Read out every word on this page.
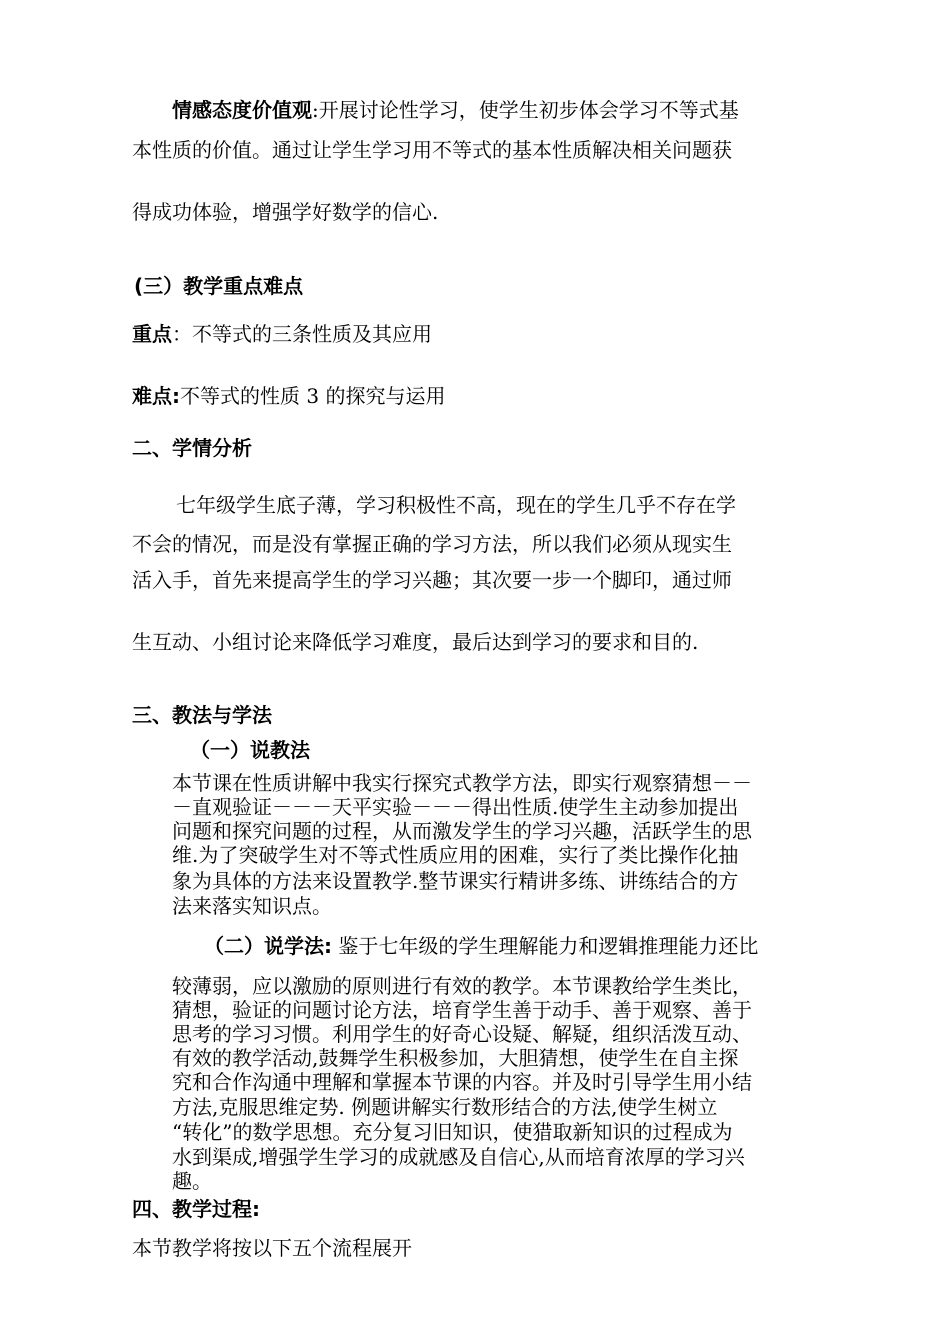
情感态度价值观:开展讨论性学习，使学生初步体会学习不等式基
本性质的价值。通过让学生学习用不等式的基本性质解决相关问题获
得成功体验，增强学好数学的信心.
(三）教学重点难点
重点：不等式的三条性质及其应用
难点:不等式的性质 3 的探究与运用
二、学情分析
七年级学生底子薄，学习积极性不高，现在的学生几乎不存在学
不会的情况，而是没有掌握正确的学习方法，所以我们必须从现实生
活入手，首先来提高学生的学习兴趣；其次要一步一个脚印，通过师
生互动、小组讨论来降低学习难度，最后达到学习的要求和目的.
三、教法与学法
（一）说教法
本节课在性质讲解中我实行探究式教学方法，即实行观察猜想－－
－直观验证－－－天平实验－－－得出性质.使学生主动参加提出
问题和探究问题的过程，从而激发学生的学习兴趣，活跃学生的思
维.为了突破学生对不等式性质应用的困难，实行了类比操作化抽
象为具体的方法来设置教学.整节课实行精讲多练、讲练结合的方
法来落实知识点。
（二）说学法: 鉴于七年级的学生理解能力和逻辑推理能力还比
较薄弱，应以激励的原则进行有效的教学。本节课教给学生类比，
猜想，验证的问题讨论方法，培育学生善于动手、善于观察、善于
思考的学习习惯。利用学生的好奇心设疑、解疑，组织活泼互动、
有效的教学活动,鼓舞学生积极参加，大胆猜想，使学生在自主探
究和合作沟通中理解和掌握本节课的内容。并及时引导学生用小结
方法,克服思维定势. 例题讲解实行数形结合的方法,使学生树立
“转化”的数学思想。充分复习旧知识，使猎取新知识的过程成为
水到渠成,增强学生学习的成就感及自信心,从而培育浓厚的学习兴
趣。
四、教学过程:
本节教学将按以下五个流程展开
